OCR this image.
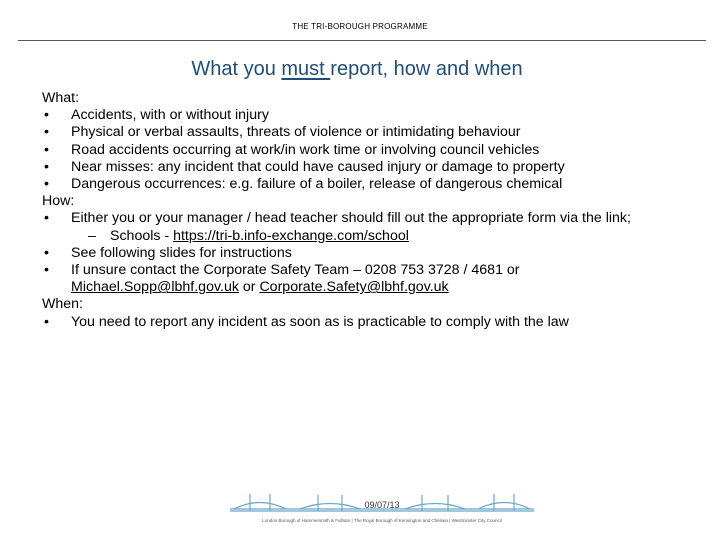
THE TRI-BOROUGH PROGRAMME
What you must report, how and when
What:
•	Accidents, with or without injury
•	Physical or verbal assaults, threats of violence or intimidating behaviour
•	Road accidents occurring at work/in work time or involving council vehicles
•	Near misses: any incident that could have caused injury or damage to property
•	Dangerous occurrences: e.g. failure of a boiler, release of dangerous chemical
How:
•	Either you or your manager / head teacher should fill out the appropriate form via the link;
– Schools - https://tri-b.info-exchange.com/school
•	See following slides for instructions
•	If unsure contact the Corporate Safety Team – 0208 753 3728 / 4681 or Michael.Sopp@lbhf.gov.uk or Corporate.Safety@lbhf.gov.uk
When:
•	You need to report any incident as soon as is practicable to comply with the law
09/07/13
London Borough of Hammersmith & Fulham | The Royal Borough of Kensington and Chelsea | Westminster City Council
